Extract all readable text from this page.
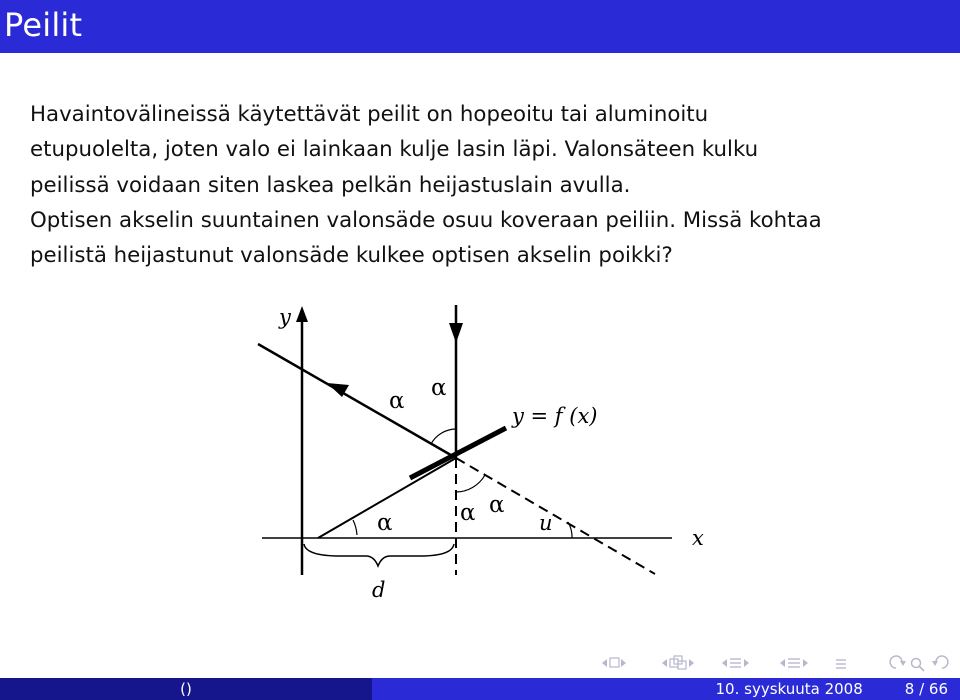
Peilit
Havaintovälineissä käytettävät peilit on hopeoitu tai aluminoitu
etupuolelta, joten valo ei lainkaan kulje lasin läpi. Valonsäteen kulku
peilissä voidaan siten laskea pelkän heijastuslain avulla.
Optisen akselin suuntainen valonsäde osuu koveraan peiliin. Missä kohtaa
peilistä heijastunut valonsäde kulkee optisen akselin poikki?
y
x
y = f (x)
α α
α	α α
u
d
()	10. syyskuuta 2008	8 / 66
